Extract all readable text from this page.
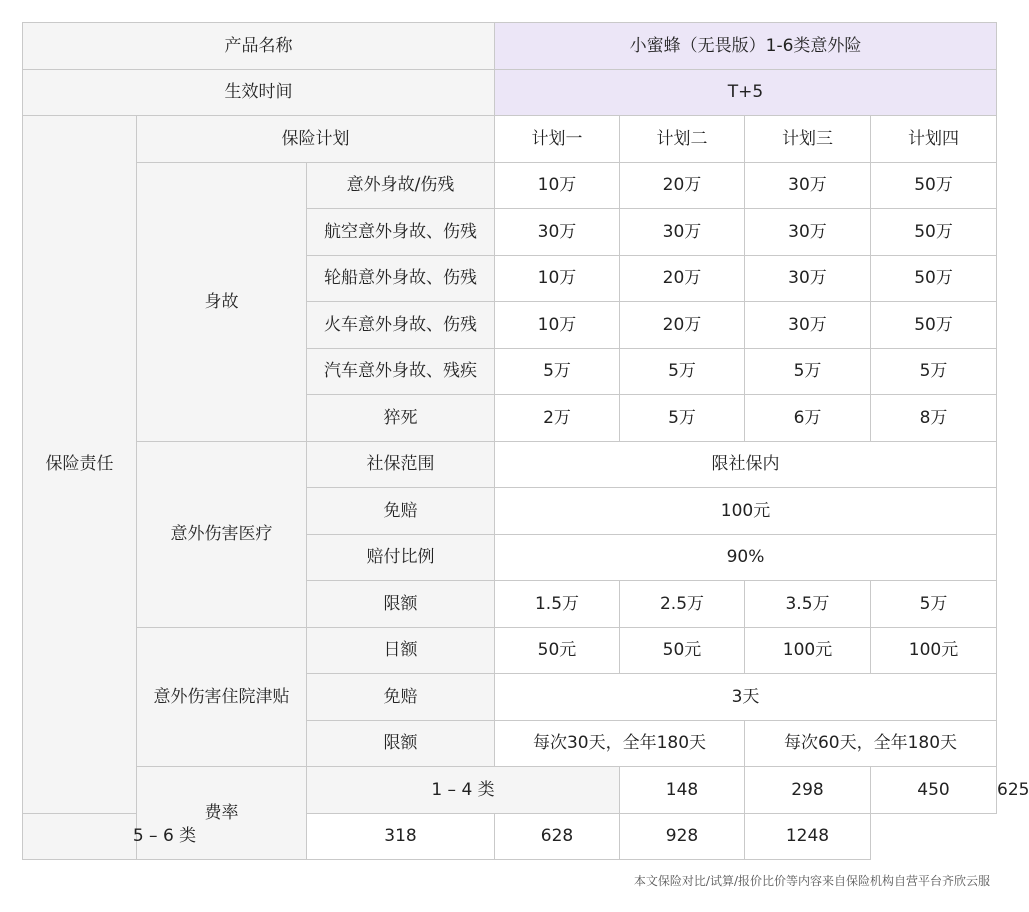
产品名称			小蜜蜂（无畏版）1-6类意外险				
生效时间			T+5				
保险责任	保险计划		计划一	计划二	计划三	计划四	
	身故	意外身故/伤残	10万	20万	30万	50万	
		航空意外身故、伤残	30万	30万	30万	50万	
		轮船意外身故、伤残	10万	20万	30万	50万	
		火车意外身故、伤残	10万	20万	30万	50万	
		汽车意外身故、残疾	5万	5万	5万	5万	
		猝死	2万	5万	6万	8万	
	意外伤害医疗	社保范围	限社保内				
		免赔	100元				
		赔付比例	90%				
		限额	1.5万	2.5万	3.5万	5万	
	意外伤害住院津贴	日额	50元	50元	100元	100元	
		免赔	3天				
		限额	每次30天，全年180天		每次60天，全年180天		
	费率	1 – 4 类		148	298	450	625
5 – 6 类		318	628	928	1248		
本文保险对比/试算/报价比价等内容来自保险机构自营平台齐欣云服
